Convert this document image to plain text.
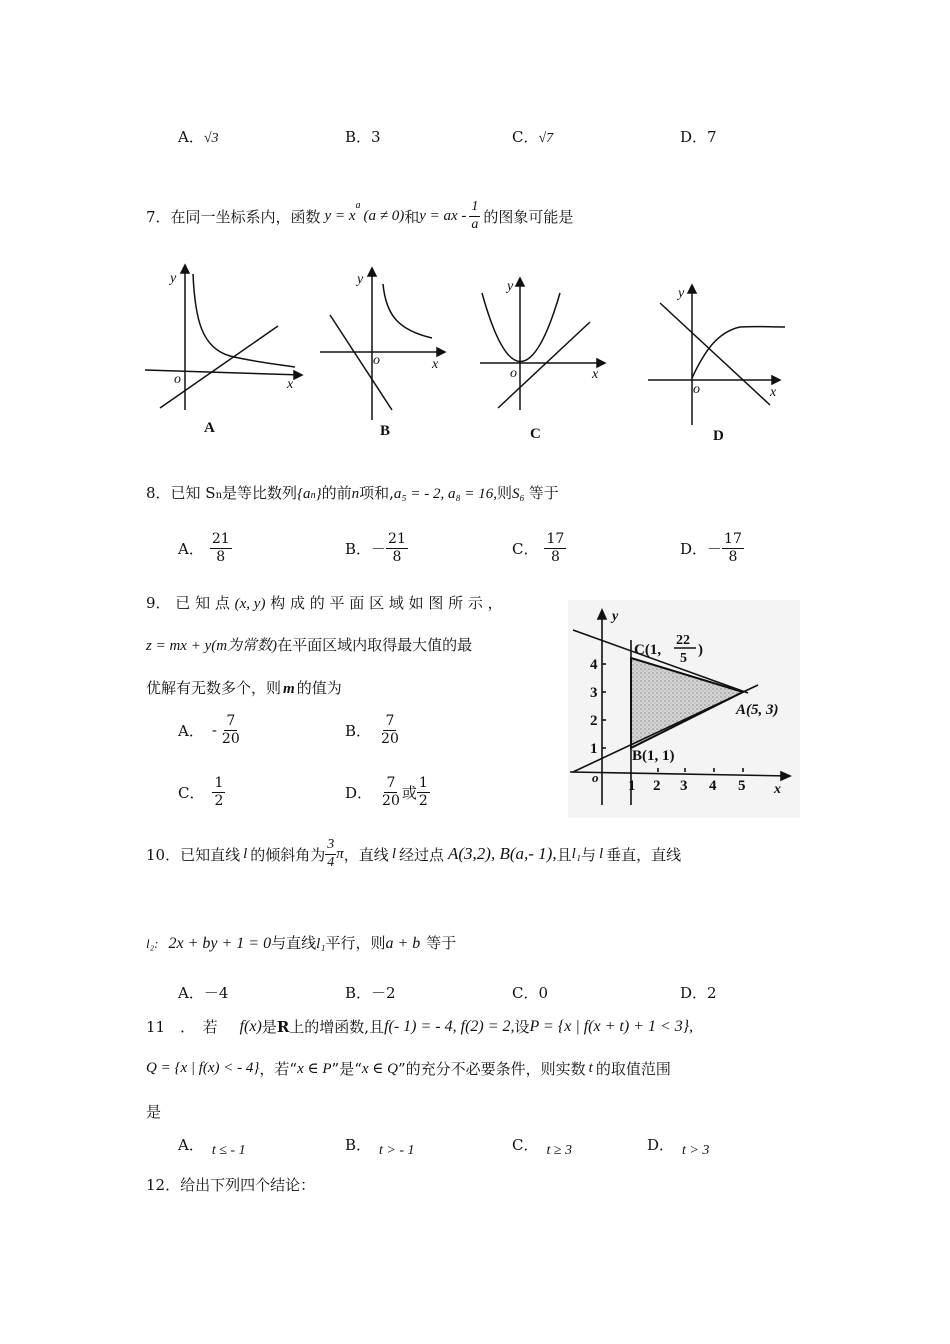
A．√3	B．3	C．√7	D．7
7．在同一坐标系内，函数 y = x
$^a$
(a ≠ 0) 和 y = ax - $\frac{1}{a}$ 的图象可能是
y
x
o
y
x
o
y
x
o
y
x
o
A	B	C	D
8．已知 $S_n$ 是等比数列 {a n } 的前 n 项和, a₅ = - 2, a₈ = 16, 则 S₆ 等于
A． $\frac{21}{8}$	B． － $\frac{21}{8}$	C． $\frac{17}{8}$	D． － $\frac{17}{8}$
9． 已 知 点 (x, y) 构 成 的 平 面 区 域 如 图 所 示 ，
z = mx + y(m为常数)在平面区域内取得最大值的最
优解有无数多个，则 m 的值为
A． - $\frac{7}{20}$	B． $\frac{7}{20}$
C． $\frac{1}{2}$	D． $\frac{7}{20}$ 或 $\frac{1}{2}$
C(1,
22
5
)
A(5, 3)
B(1, 1)
y
x
o
1 2 3 4 5
1
2
3
4
10．已知直线 l 的倾斜角为 $\frac{3}{4}$ π ，直线 l 经过点 A(3,2), B(a,- 1), 且 l₁ 与 l 垂直，直线
l₂: 2x + by + 1 = 0与直线l₁平行，则a + b 等于
A．－4	B．－2	C．0	D．2
11　．　若 f(x) 是 R 上的增函数,且 f(- 1) = - 4, f(2) = 2, 设 P = {x | f(x + t) + 1 < 3},
Q = {x | f(x) < - 4} ，若“ x ∈ P ”是“ x ∈ Q ”的充分不必要条件，则实数 t 的取值范围
是
A． t ≤ - 1	B． t > - 1	C． t ≥ 3	D． t > 3
12．给出下列四个结论：
